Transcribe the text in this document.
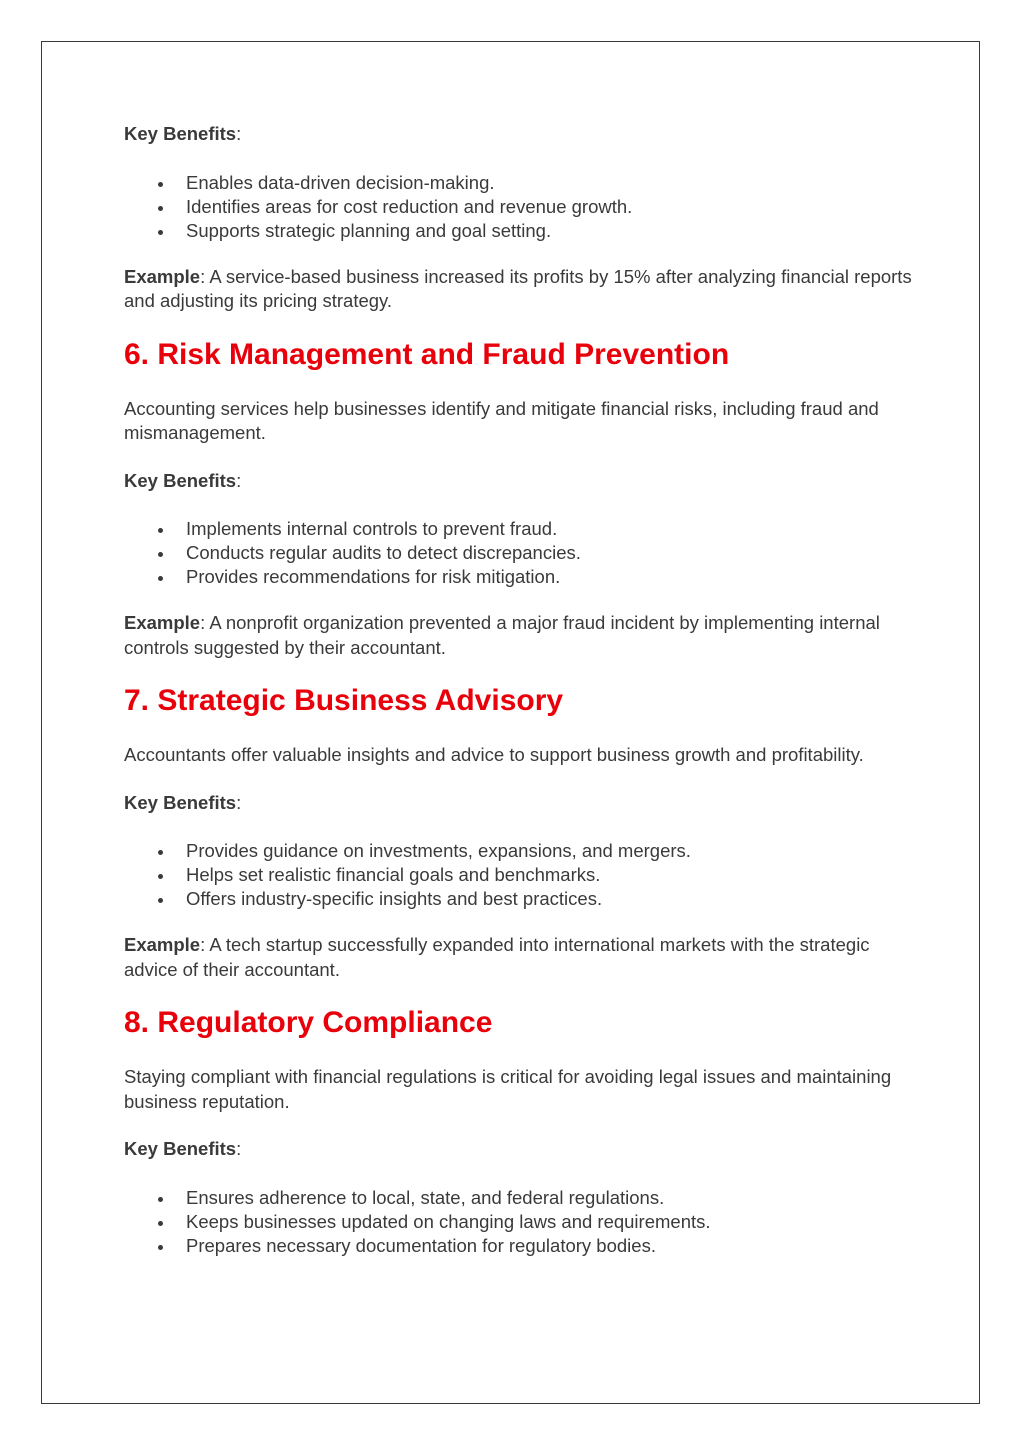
Key Benefits:
Enables data-driven decision-making.
Identifies areas for cost reduction and revenue growth.
Supports strategic planning and goal setting.

Example: A service-based business increased its profits by 15% after analyzing financial reports and adjusting its pricing strategy.

6. Risk Management and Fraud Prevention

Accounting services help businesses identify and mitigate financial risks, including fraud and mismanagement.

Key Benefits:
Implements internal controls to prevent fraud.
Conducts regular audits to detect discrepancies.
Provides recommendations for risk mitigation.

Example: A nonprofit organization prevented a major fraud incident by implementing internal controls suggested by their accountant.

7. Strategic Business Advisory

Accountants offer valuable insights and advice to support business growth and profitability.

Key Benefits:
Provides guidance on investments, expansions, and mergers.
Helps set realistic financial goals and benchmarks.
Offers industry-specific insights and best practices.

Example: A tech startup successfully expanded into international markets with the strategic advice of their accountant.

8. Regulatory Compliance

Staying compliant with financial regulations is critical for avoiding legal issues and maintaining business reputation.

Key Benefits:
Ensures adherence to local, state, and federal regulations.
Keeps businesses updated on changing laws and requirements.
Prepares necessary documentation for regulatory bodies.
